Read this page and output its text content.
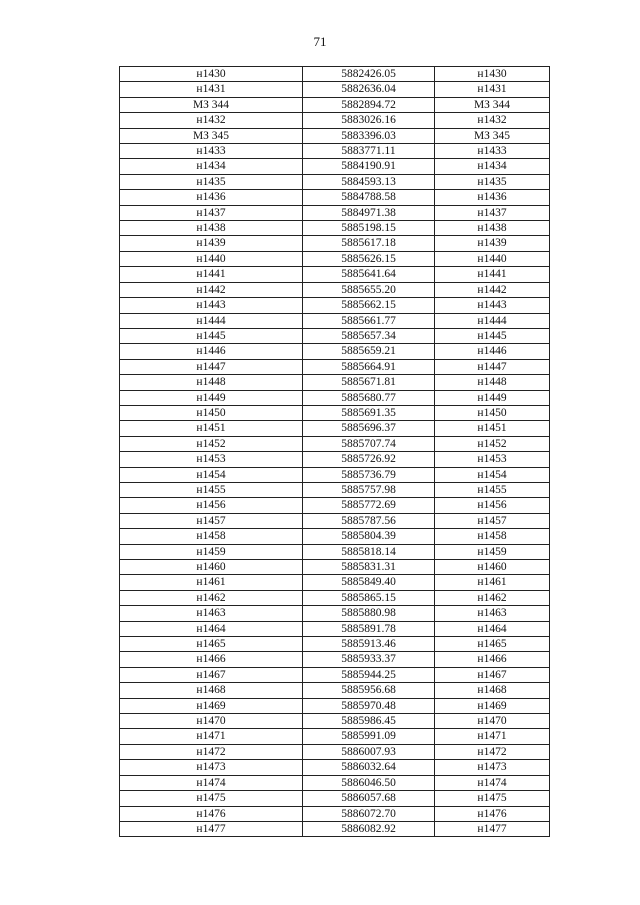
71
н1430	5882426.05	н1430
н1431	5882636.04	н1431
МЗ 344	5882894.72	МЗ 344
н1432	5883026.16	н1432
МЗ 345	5883396.03	МЗ 345
н1433	5883771.11	н1433
н1434	5884190.91	н1434
н1435	5884593.13	н1435
н1436	5884788.58	н1436
н1437	5884971.38	н1437
н1438	5885198.15	н1438
н1439	5885617.18	н1439
н1440	5885626.15	н1440
н1441	5885641.64	н1441
н1442	5885655.20	н1442
н1443	5885662.15	н1443
н1444	5885661.77	н1444
н1445	5885657.34	н1445
н1446	5885659.21	н1446
н1447	5885664.91	н1447
н1448	5885671.81	н1448
н1449	5885680.77	н1449
н1450	5885691.35	н1450
н1451	5885696.37	н1451
н1452	5885707.74	н1452
н1453	5885726.92	н1453
н1454	5885736.79	н1454
н1455	5885757.98	н1455
н1456	5885772.69	н1456
н1457	5885787.56	н1457
н1458	5885804.39	н1458
н1459	5885818.14	н1459
н1460	5885831.31	н1460
н1461	5885849.40	н1461
н1462	5885865.15	н1462
н1463	5885880.98	н1463
н1464	5885891.78	н1464
н1465	5885913.46	н1465
н1466	5885933.37	н1466
н1467	5885944.25	н1467
н1468	5885956.68	н1468
н1469	5885970.48	н1469
н1470	5885986.45	н1470
н1471	5885991.09	н1471
н1472	5886007.93	н1472
н1473	5886032.64	н1473
н1474	5886046.50	н1474
н1475	5886057.68	н1475
н1476	5886072.70	н1476
н1477	5886082.92	н1477
